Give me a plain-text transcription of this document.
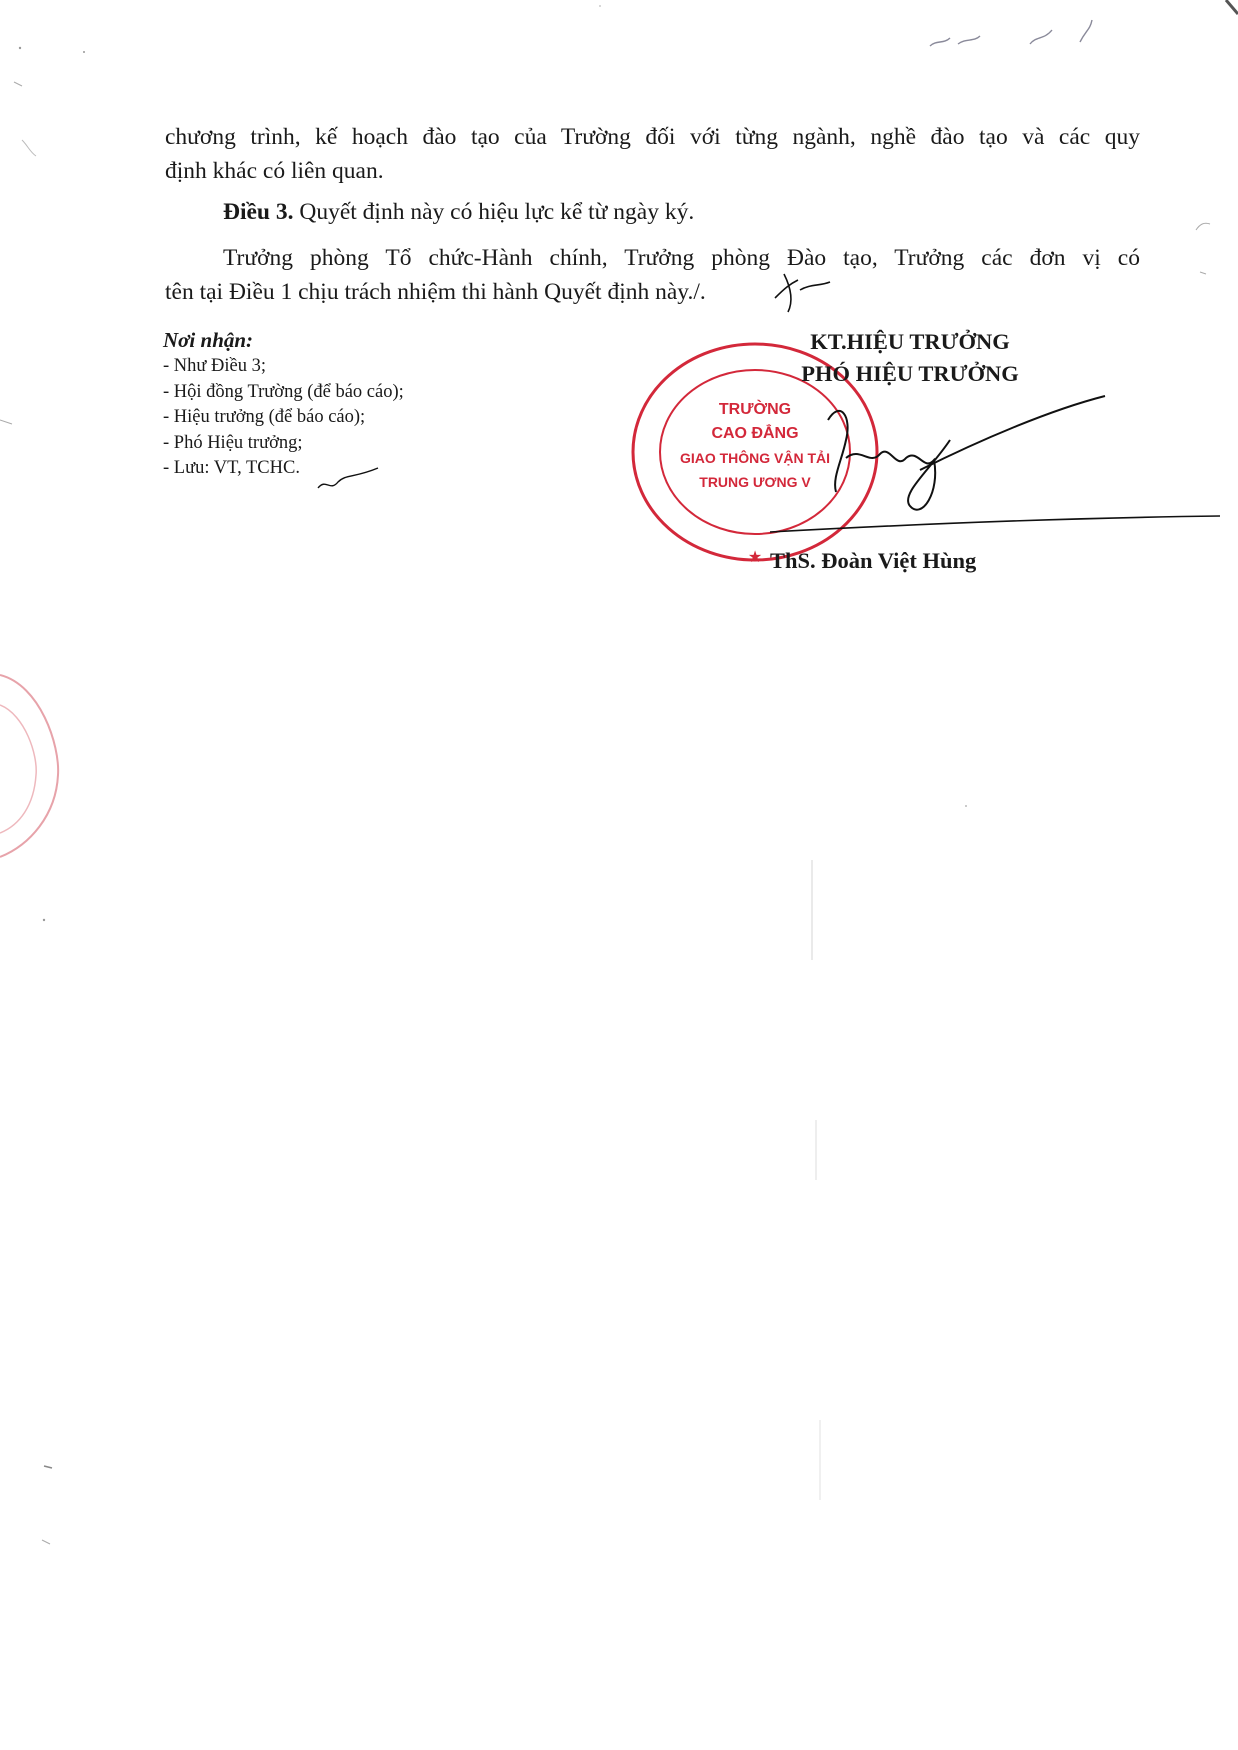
chương trình, kế hoạch đào tạo của Trường đối với từng ngành, nghề đào tạo và các quy

định khác có liên quan.

Điều 3. Quyết định này có hiệu lực kể từ ngày ký.

Trưởng phòng Tổ chức-Hành chính, Trưởng phòng Đào tạo, Trưởng các đơn vị có

tên tại Điều 1 chịu trách nhiệm thi hành Quyết định này./.

Nơi nhận:
- Như Điều 3;
- Hội đồng Trường (để báo cáo);
- Hiệu trưởng (để báo cáo);
- Phó Hiệu trưởng;
- Lưu: VT, TCHC.
★
TRƯỜNG
CAO ĐẲNG
GIAO THÔNG VẬN TẢI
TRUNG ƯƠNG V
KT.HIỆU TRƯỞNG
PHÓ HIỆU TRƯỞNG
ThS. Đoàn Việt Hùng
